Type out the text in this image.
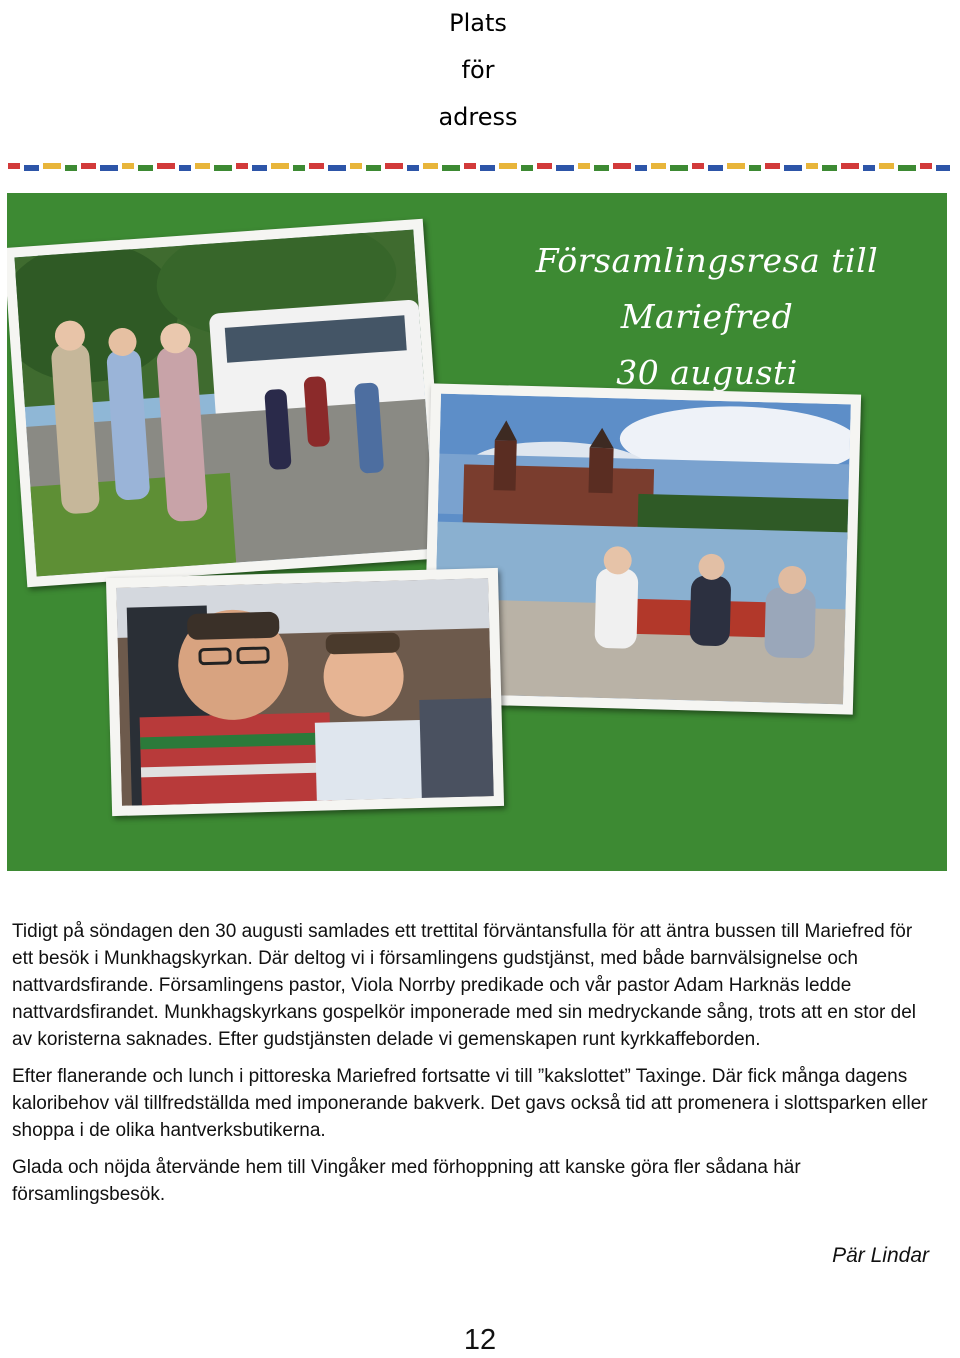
Plats
för
adress
Församlingsresa till Mariefred
30 augusti

Tidigt på söndagen den 30 augusti samlades ett trettital förväntansfulla för att äntra bussen till Mariefred för ett besök i Munkhagskyrkan. Där deltog vi i församlingens gudstjänst, med både barnvälsignelse och nattvardsfirande. Församlingens pastor, Viola Norrby predikade och vår pastor Adam Harknäs ledde nattvardsfirandet. Munkhagskyrkans gospelkör imponerade med sin medryckande sång, trots att en stor del av koristerna saknades. Efter gudstjänsten delade vi gemenskapen runt kyrkkaffeborden.

Efter flanerande och lunch i pittoreska Mariefred fortsatte vi till ”kakslottet” Taxinge. Där fick många dagens kaloribehov väl tillfredställda med imponerande bakverk. Det gavs också tid att promenera i slottsparken eller shoppa i de olika hantverksbutikerna.

Glada och nöjda återvände hem till Vingåker med förhoppning att kanske göra fler sådana här församlingsbesök.

Pär Lindar
12
